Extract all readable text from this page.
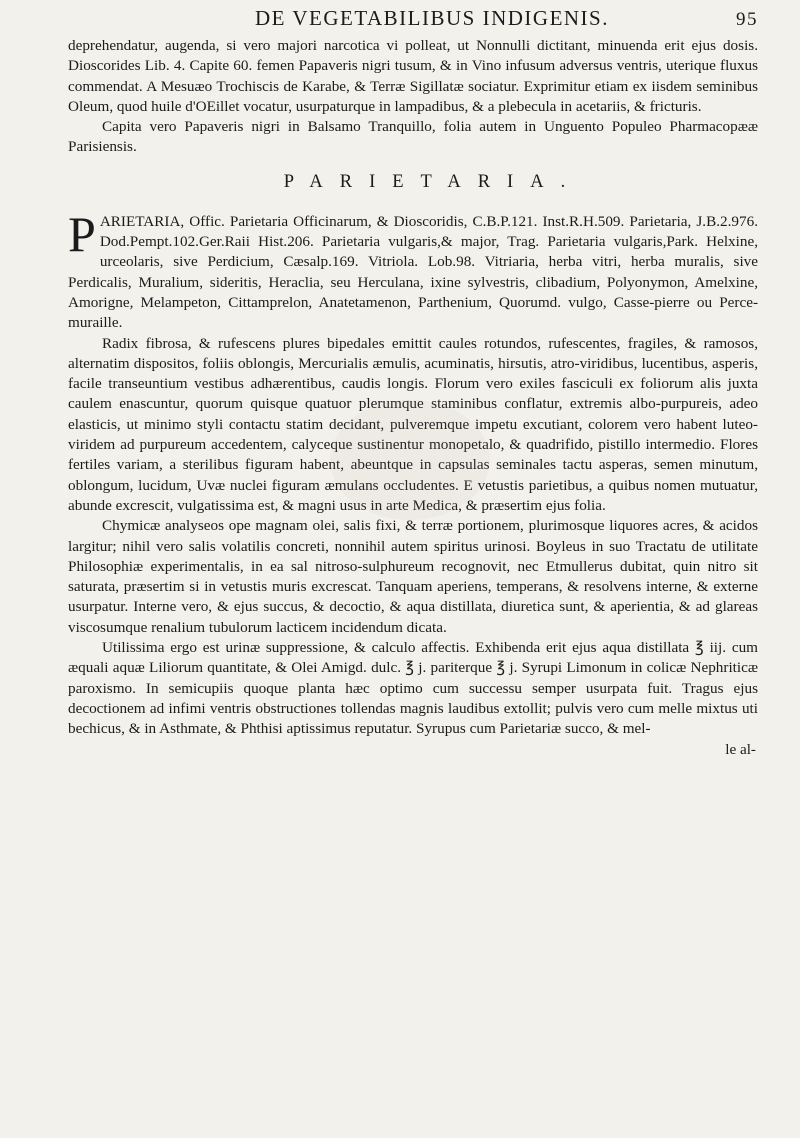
DE VEGETABILIBUS INDIGENIS.	95

deprehendatur, augenda, si vero majori narcotica vi polleat, ut Nonnulli dictitant, minuenda erit ejus dosis. Dioscorides Lib. 4. Capite 60. femen Papaveris nigri tusum, & in Vino infusum adversus ventris, uterique fluxus commendat. A Mesuæo Trochiscis de Karabe, & Terræ Sigillatæ sociatur. Exprimitur etiam ex iisdem seminibus Oleum, quod huile d'OEillet vocatur, usurpaturque in lampadibus, & a plebecula in acetariis, & fricturis.

Capita vero Papaveris nigri in Balsamo Tranquillo, folia autem in Unguento Populeo Pharmacopææ Parisiensis.

PARIETARIA.
P ARIETARIA, Offic. Parietaria Officinarum, & Dioscoridis, C.B.P.121. Inst.R.H.509. Parietaria, J.B.2.976. Dod.Pempt.102.Ger.Raii Hist.206. Parietaria vulgaris,& major, Trag. Parietaria vulgaris,Park. Helxine, urceolaris, sive Perdicium, Cæsalp.169. Vitriola. Lob.98. Vitriaria, herba vitri, herba muralis, sive Perdicalis, Muralium, sideritis, Heraclia, seu Herculana, ixine sylvestris, clibadium, Polyonymon, Amelxine, Amorigne, Melampeton, Cittamprelon, Anatetamenon, Parthenium, Quorumd. vulgo, Casse-pierre ou Perce-muraille.

Radix fibrosa, & rufescens plures bipedales emittit caules rotundos, rufescentes, fragiles, & ramosos, alternatim dispositos, foliis oblongis, Mercurialis æmulis, acuminatis, hirsutis, atro-viridibus, lucentibus, asperis, facile transeuntium vestibus adhærentibus, caudis longis. Florum vero exiles fasciculi ex foliorum alis juxta caulem enascuntur, quorum quisque quatuor plerumque staminibus conflatur, extremis albo-purpureis, adeo elasticis, ut minimo styli contactu statim decidant, pulveremque impetu excutiant, colorem vero habent luteo-viridem ad purpureum accedentem, calyceque sustinentur monopetalo, & quadrifido, pistillo intermedio. Flores fertiles variam, a sterilibus figuram habent, abeuntque in capsulas seminales tactu asperas, semen minutum, oblongum, lucidum, Uvæ nuclei figuram æmulans occludentes. E vetustis parietibus, a quibus nomen mutuatur, abunde excrescit, vulgatissima est, & magni usus in arte Medica, & præsertim ejus folia.

Chymicæ analyseos ope magnam olei, salis fixi, & terræ portionem, plurimosque liquores acres, & acidos largitur; nihil vero salis volatilis concreti, nonnihil autem spiritus urinosi. Boyleus in suo Tractatu de utilitate Philosophiæ experimentalis, in ea sal nitroso-sulphureum recognovit, nec Etmullerus dubitat, quin nitro sit saturata, præsertim si in vetustis muris excrescat. Tanquam aperiens, temperans, & resolvens interne, & externe usurpatur. Interne vero, & ejus succus, & decoctio, & aqua distillata, diuretica sunt, & aperientia, & ad glareas viscosumque renalium tubulorum lacticem incidendum dicata.

Utilissima ergo est urinæ suppressione, & calculo affectis. Exhibenda erit ejus aqua distillata ℥ iij. cum æquali aquæ Liliorum quantitate, & Olei Amigd. dulc. ℥ j. pariterque ℥ j. Syrupi Limonum in colicæ Nephriticæ paroxismo. In semicupiis quoque planta hæc optimo cum successu semper usurpata fuit. Tragus ejus decoctionem ad infimi ventris obstructiones tollendas magnis laudibus extollit; pulvis vero cum melle mixtus uti bechicus, & in Asthmate, & Phthisi aptissimus reputatur. Syrupus cum Parietariæ succo, & mel-

le al-
